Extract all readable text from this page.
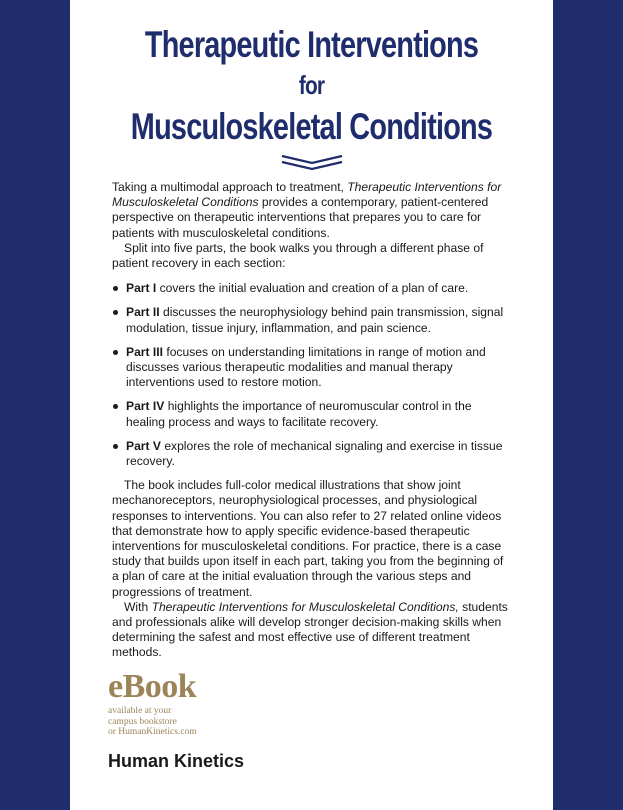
Therapeutic Interventions
for
Musculoskeletal Conditions

Taking a multimodal approach to treatment, Therapeutic Interventions for Musculoskeletal Conditions provides a contemporary, patient-centered perspective on therapeutic interventions that prepares you to care for patients with musculoskeletal conditions.

Split into five parts, the book walks you through a different phase of patient recovery in each section:

Part I covers the initial evaluation and creation of a plan of care.
Part II discusses the neurophysiology behind pain transmission, signal modulation, tissue injury, inflammation, and pain science.
Part III focuses on understanding limitations in range of motion and discusses various therapeutic modalities and manual therapy interventions used to restore motion.
Part IV highlights the importance of neuromuscular control in the healing process and ways to facilitate recovery.
Part V explores the role of mechanical signaling and exercise in tissue recovery.

The book includes full-color medical illustrations that show joint mechanoreceptors, neurophysiological processes, and physiological responses to interventions. You can also refer to 27 related online videos that demonstrate how to apply specific evidence-based therapeutic interventions for musculoskeletal conditions. For practice, there is a case study that builds upon itself in each part, taking you from the beginning of a plan of care at the initial evaluation through the various steps and progressions of treatment.

With Therapeutic Interventions for Musculoskeletal Conditions, students and professionals alike will develop stronger decision-making skills when determining the safest and most effective use of different treatment methods.

eBook
available at your
campus bookstore
or HumanKinetics.com
Human Kinetics
